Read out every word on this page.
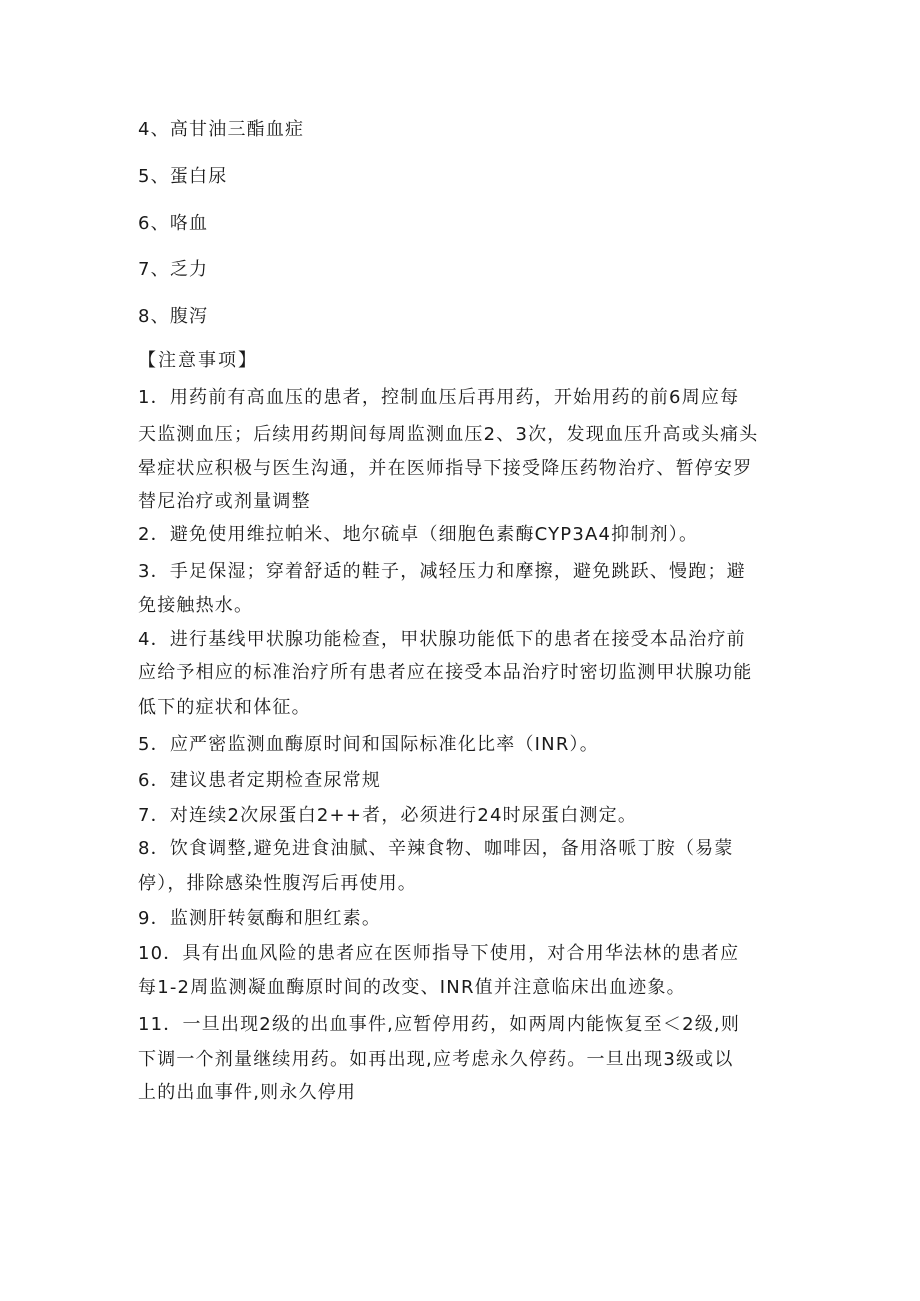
4、高甘油三酯血症
5、蛋白尿
6、咯血
7、乏力
8、腹泻
【注意事项】
1．用药前有高血压的患者，控制血压后再用药，开始用药的前6周应每
天监测血压；后续用药期间每周监测血压2、3次，发现血压升高或头痛头
晕症状应积极与医生沟通，并在医师指导下接受降压药物治疗、暂停安罗
替尼治疗或剂量调整
2．避免使用维拉帕米、地尔硫卓（细胞色素酶CYP3A4抑制剂）。
3．手足保湿；穿着舒适的鞋子，减轻压力和摩擦，避免跳跃、慢跑；避
免接触热水。
4．进行基线甲状腺功能检查，甲状腺功能低下的患者在接受本品治疗前
应给予相应的标准治疗所有患者应在接受本品治疗时密切监测甲状腺功能
低下的症状和体征。
5．应严密监测血酶原时间和国际标准化比率（INR）。
6．建议患者定期检查尿常规
7．对连续2次尿蛋白2++者，必须进行24时尿蛋白测定。
8．饮食调整,避免进食油腻、辛辣食物、咖啡因，备用洛哌丁胺（易蒙
停），排除感染性腹泻后再使用。
9．监测肝转氨酶和胆红素。
10．具有出血风险的患者应在医师指导下使用，对合用华法林的患者应
每1-2周监测凝血酶原时间的改变、INR值并注意临床出血迹象。
11．一旦出现2级的出血事件,应暂停用药，如两周内能恢复至＜2级,则
下调一个剂量继续用药。如再出现,应考虑永久停药。一旦出现3级或以
上的出血事件,则永久停用
